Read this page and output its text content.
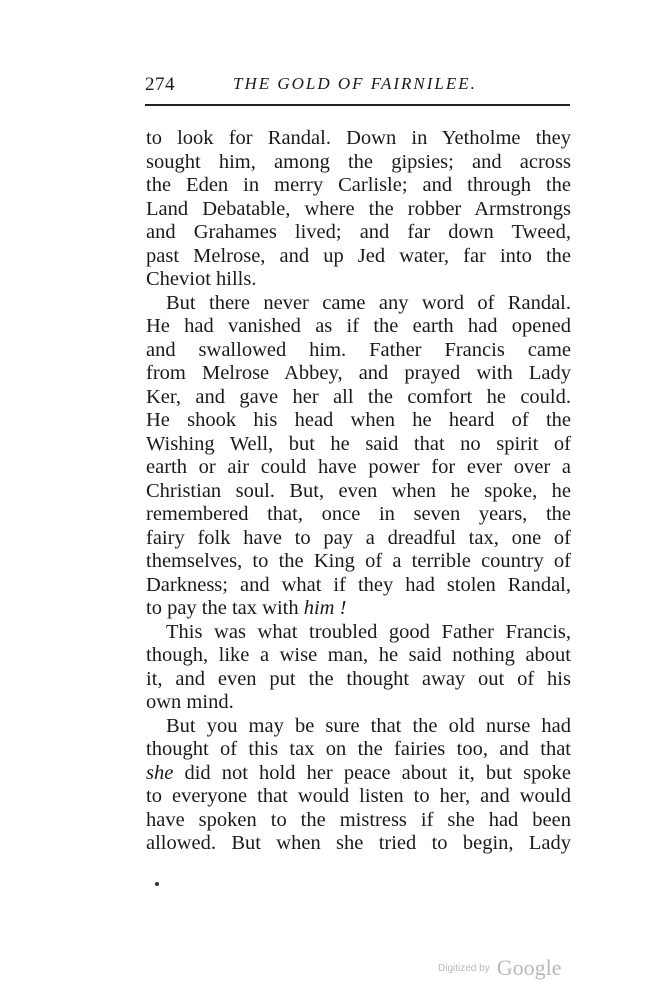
274	THE GOLD OF FAIRNILEE.
to look for Randal. Down in Yetholme they
sought him, among the gipsies; and across
the Eden in merry Carlisle; and through the
Land Debatable, where the robber Armstrongs
and Grahames lived; and far down Tweed,
past Melrose, and up Jed water, far into the
Cheviot hills.
But there never came any word of Randal.
He had vanished as if the earth had opened
and swallowed him. Father Francis came
from Melrose Abbey, and prayed with Lady
Ker, and gave her all the comfort he could.
He shook his head when he heard of the
Wishing Well, but he said that no spirit of
earth or air could have power for ever over a
Christian soul. But, even when he spoke, he
remembered that, once in seven years, the
fairy folk have to pay a dreadful tax, one of
themselves, to the King of a terrible country of
Darkness; and what if they had stolen Randal,
to pay the tax with him !
This was what troubled good Father Francis,
though, like a wise man, he said nothing about
it, and even put the thought away out of his
own mind.
But you may be sure that the old nurse had
thought of this tax on the fairies too, and that
she did not hold her peace about it, but spoke
to everyone that would listen to her, and would
have spoken to the mistress if she had been
allowed. But when she tried to begin, Lady
Digitized by Google
